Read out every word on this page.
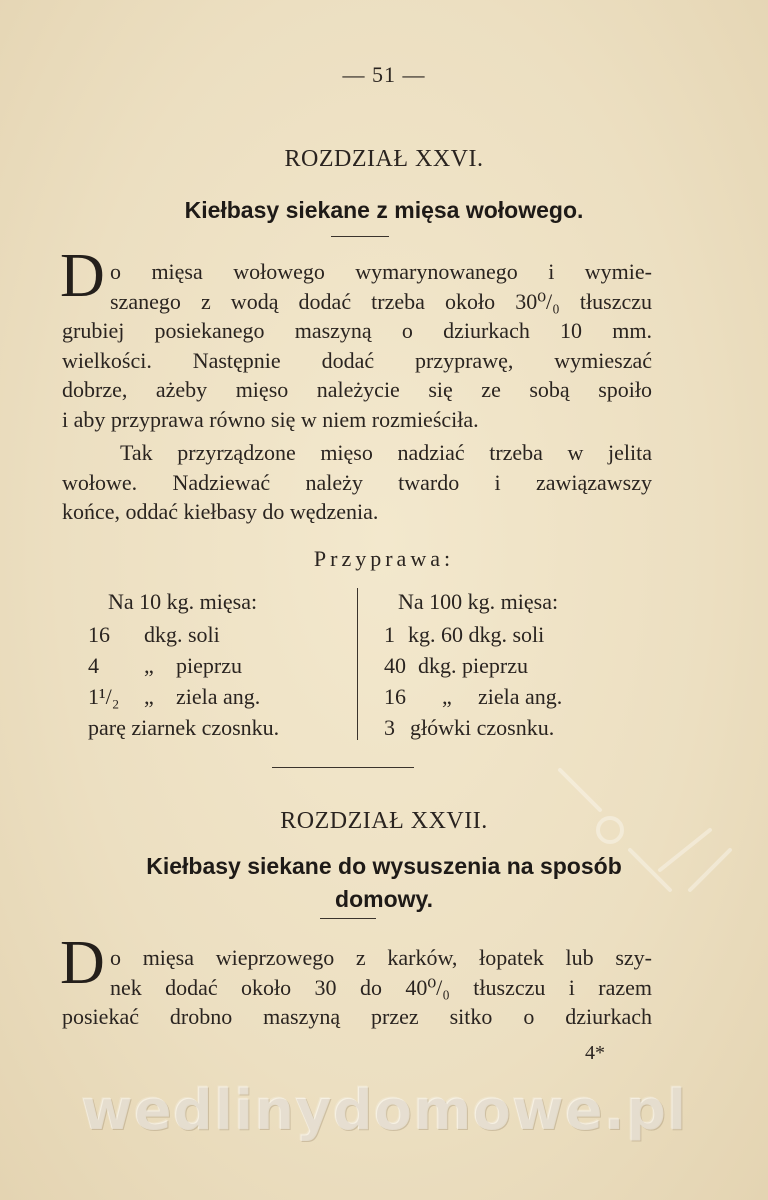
— 51 —
ROZDZIAŁ XXVI.
Kiełbasy siekane z mięsa wołowego.
D o mięsa wołowego wymarynowanego i wymie-
szanego z wodą dodać trzeba około 30⁰/₀ tłuszczu
grubiej posiekanego maszyną o dziurkach 10 mm.
wielkości. Następnie dodać przyprawę, wymieszać
dobrze, ażeby mięso należycie się ze sobą spoiło
i aby przyprawa równo się w niem rozmieściła.
Tak przyrządzone mięso nadziać trzeba w jelita
wołowe. Nadziewać należy twardo i zawiązawszy
końce, oddać kiełbasy do wędzenia.
Przyprawa:
Na 10 kg. mięsa:
16	dkg. soli
4	„	pieprzu
1¹/₂	„	ziela ang.
parę ziarnek czosnku.
Na 100 kg. mięsa:
1 kg. 60 dkg. soli
40 dkg. pieprzu
16	„	ziela ang.
3 główki czosnku.
ROZDZIAŁ XXVII.
Kiełbasy siekane do wysuszenia na sposób
domowy.
D o mięsa wieprzowego z karków, łopatek lub szy-
nek dodać około 30 do 40⁰/₀ tłuszczu i razem
posiekać drobno maszyną przez sitko o dziurkach
4*
wedlinydomowe.pl
